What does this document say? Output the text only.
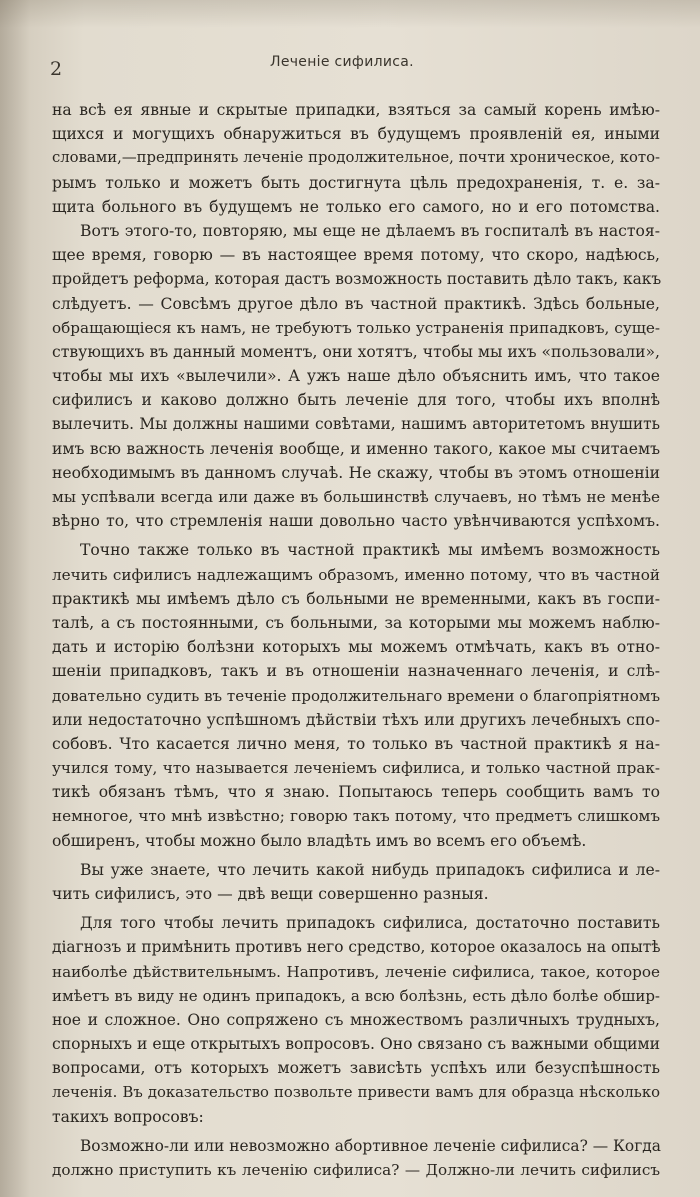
2	Леченіе сифилиса.
на всѣ ея явные и скрытые припадки, взяться за самый корень имѣю-
щихся и могущихъ обнаружиться въ будущемъ проявленій ея, иными
словами,—предпринять леченіе продолжительное, почти хроническое, кото-
рымъ только и можетъ быть достигнута цѣль предохраненія, т. е. за-
щита больного въ будущемъ не только его самого, но и его потомства.
Вотъ этого-то, повторяю, мы еще не дѣлаемъ въ госпиталѣ въ настоя-
щее время, говорю — въ настоящее время потому, что скоро, надѣюсь,
пройдетъ реформа, которая дастъ возможность поставить дѣло такъ, какъ
слѣдуетъ. — Совсѣмъ другое дѣло въ частной практикѣ. Здѣсь больные,
обращающіеся къ намъ, не требуютъ только устраненія припадковъ, суще-
ствующихъ въ данный моментъ, они хотятъ, чтобы мы ихъ «пользовали»,
чтобы мы ихъ «вылечили». А ужъ наше дѣло объяснить имъ, что такое
сифилисъ и каково должно быть леченіе для того, чтобы ихъ вполнѣ
вылечить. Мы должны нашими совѣтами, нашимъ авторитетомъ внушить
имъ всю важность леченія вообще, и именно такого, какое мы считаемъ
необходимымъ въ данномъ случаѣ. Не скажу, чтобы въ этомъ отношеніи
мы успѣвали всегда или даже въ большинствѣ случаевъ, но тѣмъ не менѣе
вѣрно то, что стремленія наши довольно часто увѣнчиваются успѣхомъ.
Точно также только въ частной практикѣ мы имѣемъ возможность
лечить сифилисъ надлежащимъ образомъ, именно потому, что въ частной
практикѣ мы имѣемъ дѣло съ больными не временными, какъ въ госпи-
талѣ, а съ постоянными, съ больными, за которыми мы можемъ наблю-
дать и исторію болѣзни которыхъ мы можемъ отмѣчать, какъ въ отно-
шеніи припадковъ, такъ и въ отношеніи назначеннаго леченія, и слѣ-
довательно судить въ теченіе продолжительнаго времени о благопріятномъ
или недостаточно успѣшномъ дѣйствіи тѣхъ или другихъ лечебныхъ спо-
собовъ. Что касается лично меня, то только въ частной практикѣ я на-
учился тому, что называется леченіемъ сифилиса, и только частной прак-
тикѣ обязанъ тѣмъ, что я знаю. Попытаюсь теперь сообщить вамъ то
немногое, что мнѣ извѣстно; говорю такъ потому, что предметъ слишкомъ
обширенъ, чтобы можно было владѣть имъ во всемъ его объемѣ.
Вы уже знаете, что лечить какой нибудь припадокъ сифилиса и ле-
чить сифилисъ, это — двѣ вещи совершенно разныя.
Для того чтобы лечить припадокъ сифилиса, достаточно поставить
діагнозъ и примѣнить противъ него средство, которое оказалось на опытѣ
наиболѣе дѣйствительнымъ. Напротивъ, леченіе сифилиса, такое, которое
имѣетъ въ виду не одинъ припадокъ, а всю болѣзнь, есть дѣло болѣе обшир-
ное и сложное. Оно сопряжено съ множествомъ различныхъ трудныхъ,
спорныхъ и еще открытыхъ вопросовъ. Оно связано съ важными общими
вопросами, отъ которыхъ можетъ зависѣть успѣхъ или безуспѣшность
леченія. Въ доказательство позвольте привести вамъ для образца нѣсколько
такихъ вопросовъ:
Возможно-ли или невозможно абортивное леченіе сифилиса? — Когда
должно приступить къ леченію сифилиса? — Должно-ли лечить сифилисъ
